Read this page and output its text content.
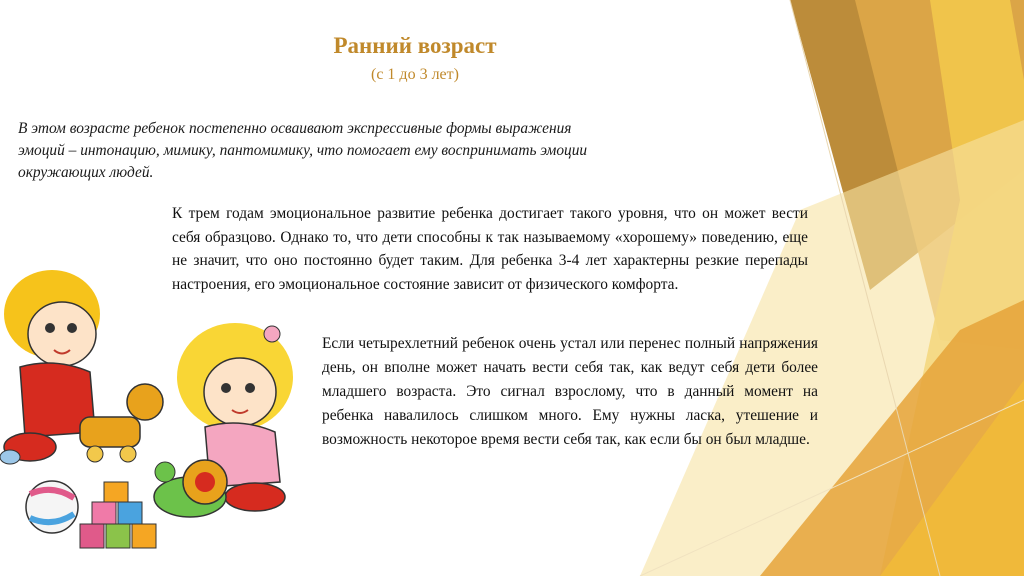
Ранний возраст
(с 1 до 3 лет)
В этом возрасте ребенок постепенно осваивают экспрессивные формы выражения эмоций – интонацию, мимику, пантомимику, что помогает ему воспринимать эмоции окружающих людей.
К трем годам эмоциональное развитие ребенка достигает такого уровня, что он может вести себя образцово. Однако то, что дети способны к так называемому «хорошему» поведению, еще не значит, что оно постоянно будет таким. Для ребенка 3-4 лет характерны резкие перепады настроения, его эмоциональное состояние зависит от физического комфорта.
Если четырехлетний ребенок очень устал или перенес полный напряжения день, он вполне может начать вести себя так, как ведут себя дети более младшего возраста. Это сигнал взрослому, что в данный момент на ребенка навалилось слишком много. Ему нужны ласка, утешение и возможность некоторое время вести себя так, как если бы он был младше.
